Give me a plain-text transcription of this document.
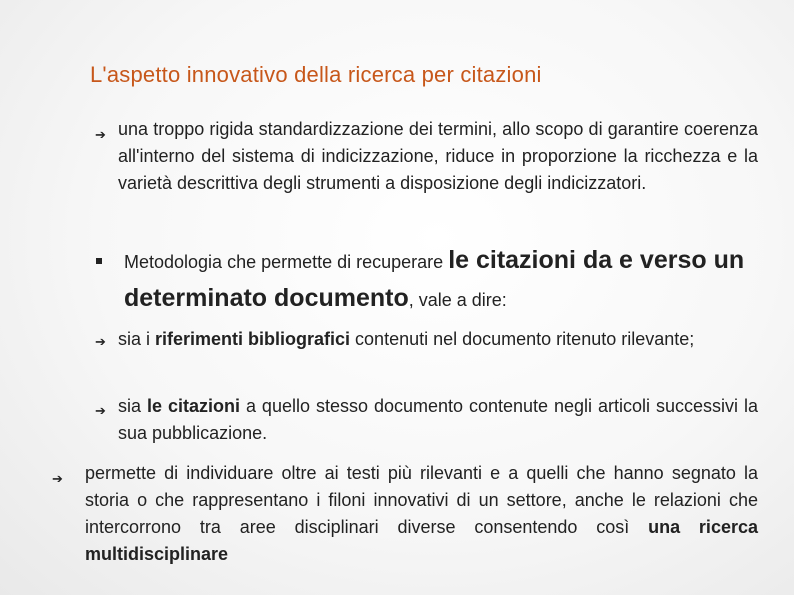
L'aspetto innovativo della ricerca per citazioni
➔ una troppo rigida standardizzazione dei termini, allo scopo di garantire coerenza all'interno del sistema di indicizzazione, riduce in proporzione la ricchezza e la varietà descrittiva degli strumenti a disposizione degli indicizzatori.
Metodologia che permette di recuperare le citazioni da e verso un determinato documento, vale a dire:
➔ sia i riferimenti bibliografici contenuti nel documento ritenuto rilevante;
➔ sia le citazioni a quello stesso documento contenute negli articoli successivi la sua pubblicazione.
➔ permette di individuare oltre ai testi più rilevanti e a quelli che hanno segnato la storia o che rappresentano i filoni innovativi di un settore, anche le relazioni che intercorrono tra aree disciplinari diverse consentendo così una ricerca multidisciplinare
